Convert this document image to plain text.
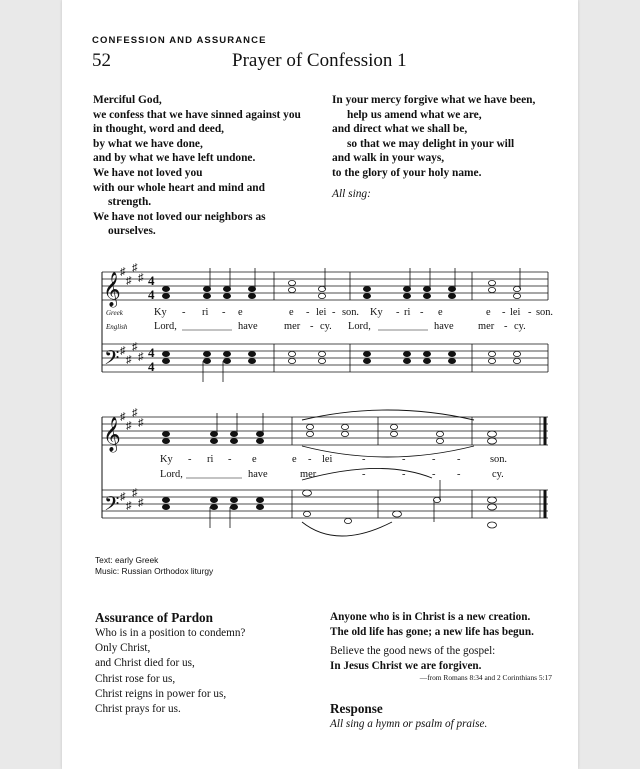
CONFESSION AND ASSURANCE
52	Prayer of Confession 1
Merciful God,
we confess that we have sinned against you
in thought, word and deed,
by what we have done,
and by what we have left undone.
We have not loved you
with our whole heart and mind and
strength.
We have not loved our neighbors as
ourselves.
In your mercy forgive what we have been,
help us amend what we are,
and direct what we shall be,
so that we may delight in your will
and walk in your ways,
to the glory of your holy name.
All sing:
𝄞
𝄢
𝄞
𝄢
♯
♯
♯
♯
♯
♯
♯
♯
♯
♯
♯
♯
♯
♯
♯
♯
4
4
4
4
Greek
English
Ky - ri - e	e - lei - son. Ky - ri - e	e - lei - son.
Lord,	have	mer - cy. Lord,	have mer - cy.
Ky - ri - e	e - lei	-	-	- -	son.
Lord,	have	mer	-	-	- -	cy.
Text: early Greek
Music: Russian Orthodox liturgy
Assurance of Pardon
Who is in a position to condemn?
Only Christ,
and Christ died for us,
Christ rose for us,
Christ reigns in power for us,
Christ prays for us.
Anyone who is in Christ is a new creation.
The old life has gone; a new life has begun.
Believe the good news of the gospel:
In Jesus Christ we are forgiven.
—from Romans 8:34 and 2 Corinthians 5:17
Response
All sing a hymn or psalm of praise.
